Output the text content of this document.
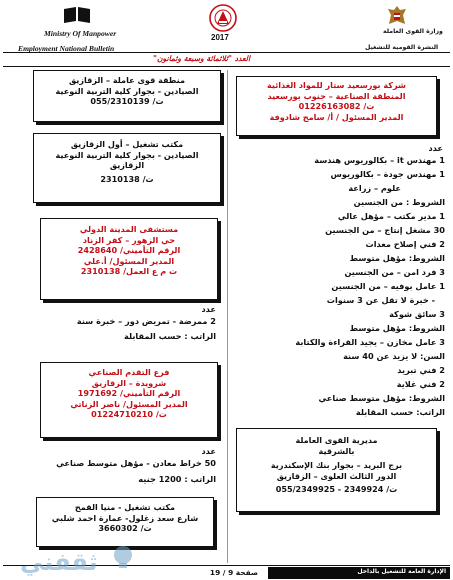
Ministry Of Manpower	2017
وزارة القوى العاملة
Employment National Bulletin	النشرة القومية للتشغيل
العدد "ثلاثمائة وسبعة وثمانون"
منطقة قوى عاملة – الزقازيق
الصيادين - بجوار كلية التربية النوعية
ت/ 055/2310139
مكتب تشغيل – أول الزقازيق
الصيادين - بجوار كلية التربية النوعية
الزقازيق
ت/ 2310138
مستشفى المدينة الدولي
حي الزهور – كفر الزناد
الرقم التأميني/ 2428640
المدير المسئول/ أ.علي
ت م ع العمل/ 2310138
عدد
2 ممرضة - تمريض دور – خبرة سنة
الراتب : حسب المقابلة
فرع التقدم الصناعي
شرويدة – الزقازيق
الرقم التأميني/ 1971692
المدير المسئول/ ناصر الزناتي
ت/ 01224710210
عدد
50 خراط معادن - مؤهل متوسط صناعي
الراتب : 1200 جنيه
مكتب تشغيل - منيا القمح
شارع سعد زغلول- عمارة احمد شلبي
ت/ 3660302
شركة بورسعيد ستار للمواد الغذائية
المنطقة الصناعية – جنوب بورسعيد
ت/ 01226163082
المدير المسئول / أ/ سامح شادوفة
عدد
1 مهندس it – بكالوريوس هندسة
1 مهندس جودة – بكالوريوس
علوم – زراعة
الشروط : من الجنسين
1 مدير مكتب – مؤهل عالي
30 مشغل إنتاج – من الجنسين
2 فني إصلاح معدات
الشروط: مؤهل متوسط
3 فرد امن – من الجنسين
1 عامل بوفيه – من الجنسين
- خبرة لا تقل عن 3 سنوات
3 سائق شوكة
الشروط: مؤهل متوسط
3 عامل مخازن – يجيد القراءة والكتابة
السن: لا يزيد عن 40 سنة
2 فني تبريد
2 فني غلاية
الشروط: مؤهل متوسط صناعي
الراتب: حسب المقابلة
مديرية القوى العاملة
بالشرقية
برج البريد – بجوار بنك الإسكندرية
الدور الثالث العلوى – الزقازيق
ت/ 2349924 - 055/2349925
الإدارة العامة للتشغيل بالداخل
صفحة 9 / 19
ثقفني
